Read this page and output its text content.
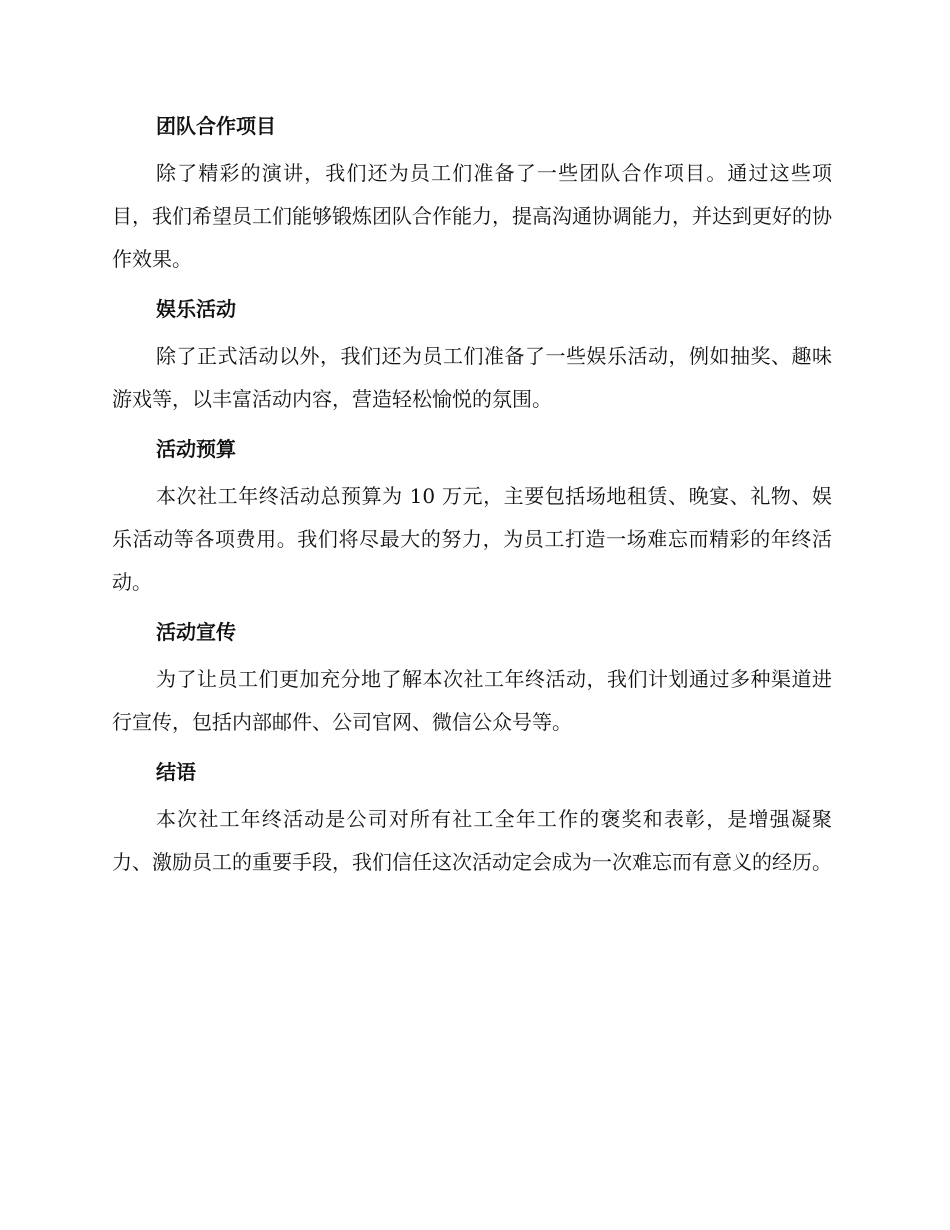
团队合作项目

除了精彩的演讲，我们还为员工们准备了一些团队合作项目。通过这些项目，我们希望员工们能够锻炼团队合作能力，提高沟通协调能力，并达到更好的协作效果。

娱乐活动

除了正式活动以外，我们还为员工们准备了一些娱乐活动，例如抽奖、趣味游戏等，以丰富活动内容，营造轻松愉悦的氛围。

活动预算

本次社工年终活动总预算为 10 万元，主要包括场地租赁、晚宴、礼物、娱乐活动等各项费用。我们将尽最大的努力，为员工打造一场难忘而精彩的年终活动。

活动宣传

为了让员工们更加充分地了解本次社工年终活动，我们计划通过多种渠道进行宣传，包括内部邮件、公司官网、微信公众号等。

结语

本次社工年终活动是公司对所有社工全年工作的褒奖和表彰，是增强凝聚力、激励员工的重要手段，我们信任这次活动定会成为一次难忘而有意义的经历。
